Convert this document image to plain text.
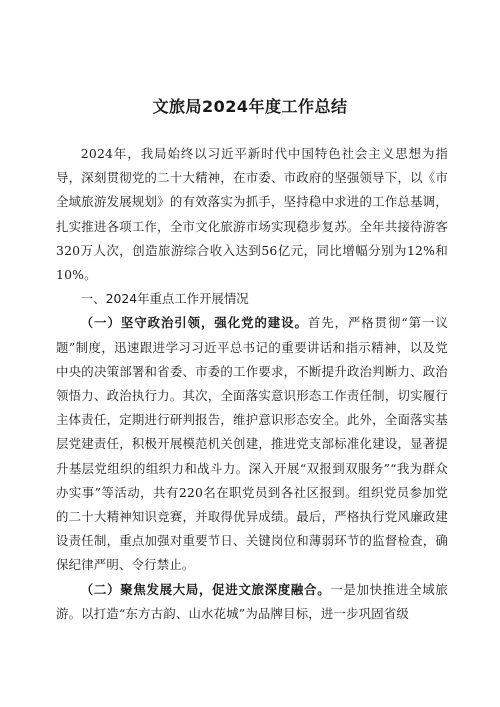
文旅局2024年度工作总结

2024年，我局始终以习近平新时代中国特色社会主义思想为指导，深刻贯彻党的二十大精神，在市委、市政府的坚强领导下，以《市全域旅游发展规划》的有效落实为抓手，坚持稳中求进的工作总基调，扎实推进各项工作，全市文化旅游市场实现稳步复苏。全年共接待游客320万人次，创造旅游综合收入达到56亿元，同比增幅分别为12%和10%。

一、2024年重点工作开展情况

（一）坚守政治引领，强化党的建设。首先，严格贯彻“第一议题”制度，迅速跟进学习习近平总书记的重要讲话和指示精神，以及党中央的决策部署和省委、市委的工作要求，不断提升政治判断力、政治领悟力、政治执行力。其次，全面落实意识形态工作责任制，切实履行主体责任，定期进行研判报告，维护意识形态安全。此外，全面落实基层党建责任，积极开展模范机关创建，推进党支部标准化建设，显著提升基层党组织的组织力和战斗力。深入开展“双报到双服务”“我为群众办实事”等活动，共有220名在职党员到各社区报到。组织党员参加党的二十大精神知识竞赛，并取得优异成绩。最后，严格执行党风廉政建设责任制，重点加强对重要节日、关键岗位和薄弱环节的监督检查，确保纪律严明、令行禁止。

（二）聚焦发展大局，促进文旅深度融合。一是加快推进全域旅游。以打造“东方古韵、山水花城”为品牌目标，进一步巩固省级
